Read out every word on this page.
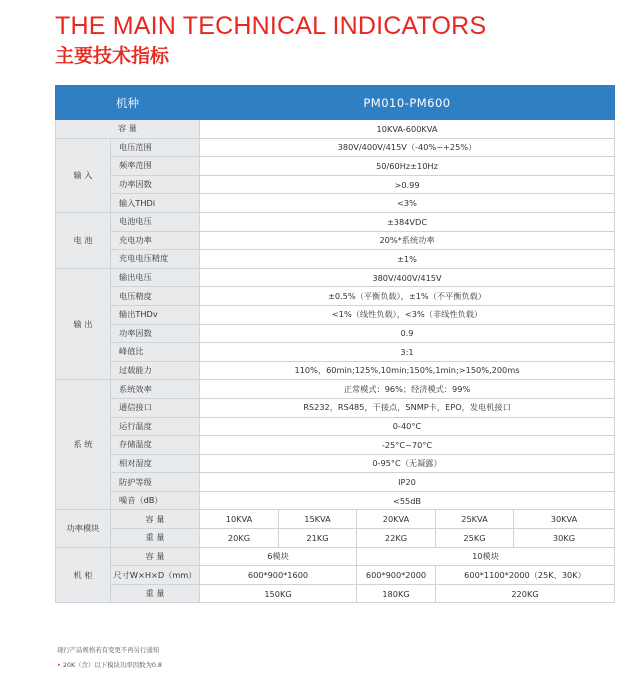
THE MAIN TECHNICAL INDICATORS
主要技术指标
机种		PM010-PM600				
容 量		10KVA-600KVA				
输 入	电压范围	380V/400V/415V（-40%~+25%）				
	频率范围	50/60Hz±10Hz				
	功率因数	>0.99				
	输入THDi	<3%				
电 池	电池电压	±384VDC				
	充电功率	20%*系统功率				
	充电电压精度	±1%				
输 出	输出电压	380V/400V/415V				
	电压精度	±0.5%（平衡负载），±1%（不平衡负载）				
	输出THDv	<1%（线性负载），<3%（非线性负载）				
	功率因数	0.9				
	峰值比	3:1				
	过载能力	110%，60min;125%,10min;150%,1min;>150%,200ms				
系 统	系统效率	正常模式：96%；经济模式：99%				
	通信接口	RS232，RS485，干接点，SNMP卡，EPO，发电机接口				
	运行温度	0-40°C				
	存储温度	-25°C~70°C				
	相对湿度	0-95°C（无凝露）				
	防护等级	IP20				
	噪音（dB）	<55dB				
功率模块	容 量	10KVA	15KVA	20KVA	25KVA	30KVA
	重 量	20KG	21KG	22KG	25KG	30KG
机 柜	容 量	6模块		10模块		
	尺寸W×H×D（mm）	600*900*1600		600*900*2000	600*1100*2000（25K、30K）	
	重 量	150KG		180KG	220KG	
现行产品规格若有变更不再另行通知
• 20K（含）以下模块功率因数为0.8
